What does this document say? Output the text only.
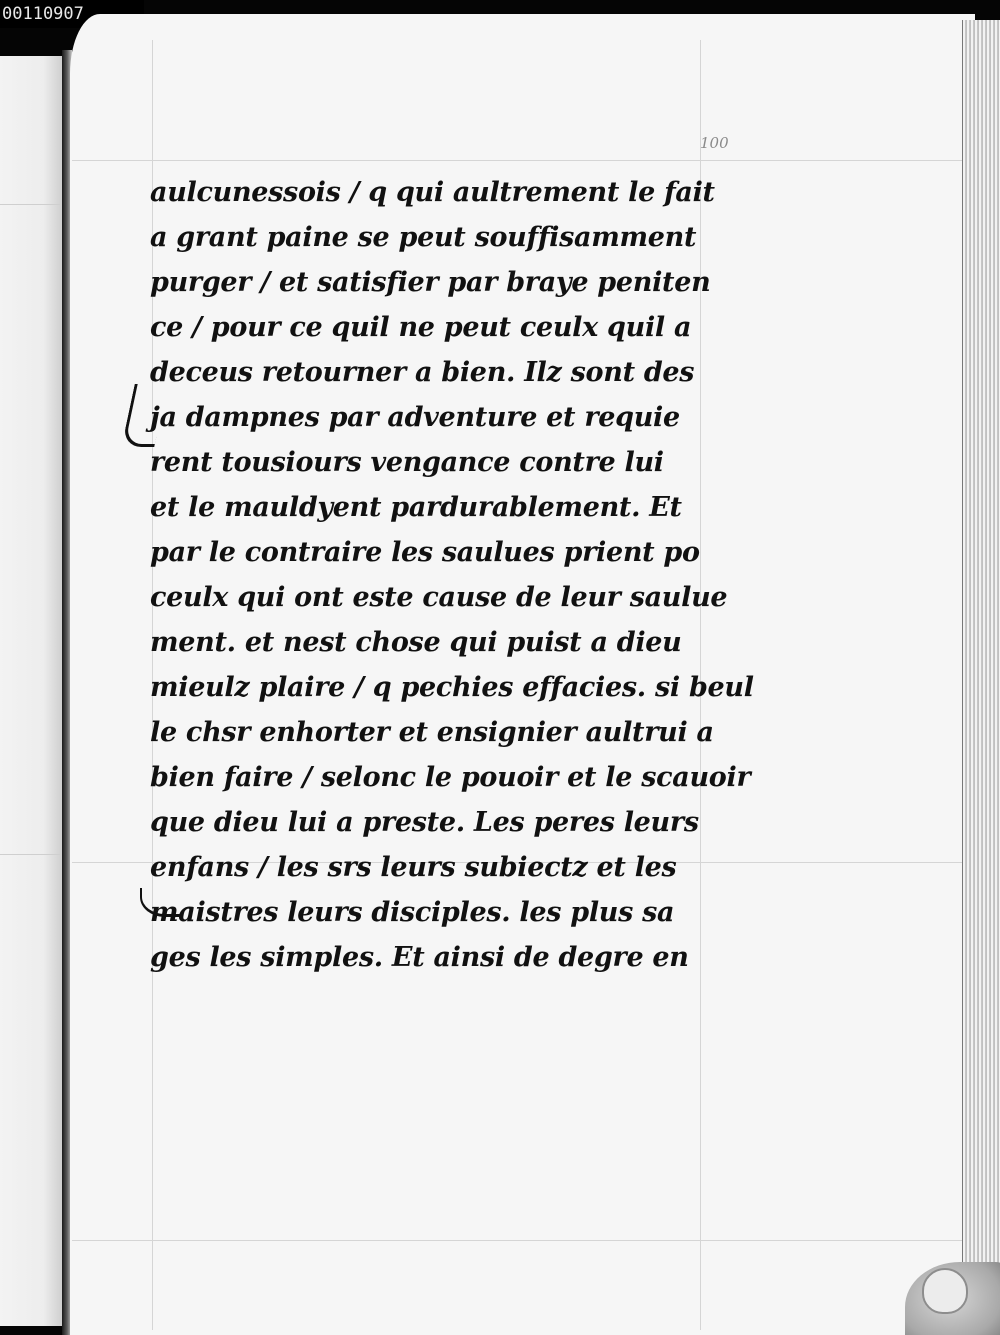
00110907
100
aulcunessois / q qui aultrement le fait
a grant paine se peut souffisamment
purger / et satisfier par braye peniten
ce / pour ce quil ne peut ceulx quil a
deceus retourner a bien. Ilz sont des
ja dampnes par adventure et requie
rent tousiours vengance contre lui
et le mauldyent pardurablement. Et
par le contraire les saulues prient po
ceulx qui ont este cause de leur saulue
ment. et nest chose qui puist a dieu
mieulz plaire / q pechies effacies. si beul
le chsr enhorter et ensignier aultrui a
bien faire / selonc le pouoir et le scauoir
que dieu lui a preste. Les peres leurs
enfans / les srs leurs subiectz et les
maistres leurs disciples. les plus sa
ges les simples. Et ainsi de degre en
